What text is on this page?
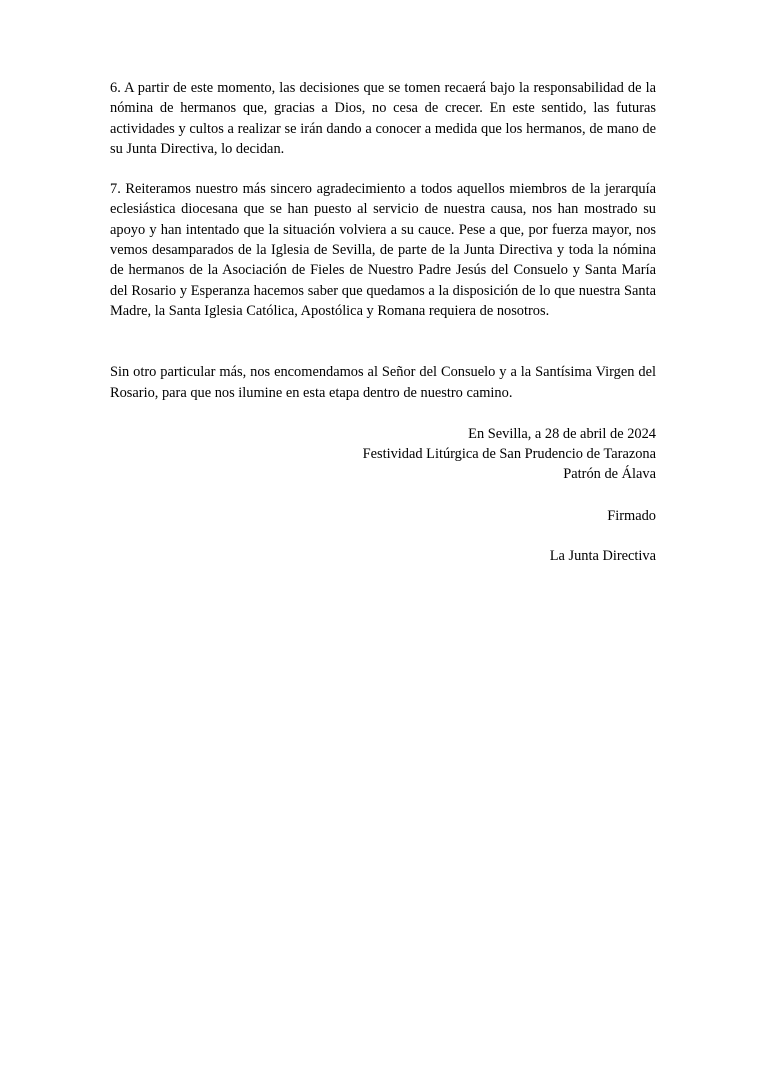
6. A partir de este momento, las decisiones que se tomen recaerá bajo la responsabilidad de la nómina de hermanos que, gracias a Dios, no cesa de crecer. En este sentido, las futuras actividades y cultos a realizar se irán dando a conocer a medida que los hermanos, de mano de su Junta Directiva, lo decidan.

7. Reiteramos nuestro más sincero agradecimiento a todos aquellos miembros de la jerarquía eclesiástica diocesana que se han puesto al servicio de nuestra causa, nos han mostrado su apoyo y han intentado que la situación volviera a su cauce. Pese a que, por fuerza mayor, nos vemos desamparados de la Iglesia de Sevilla, de parte de la Junta Directiva y toda la nómina de hermanos de la Asociación de Fieles de Nuestro Padre Jesús del Consuelo y Santa María del Rosario y Esperanza hacemos saber que quedamos a la disposición de lo que nuestra Santa Madre, la Santa Iglesia Católica, Apostólica y Romana requiera de nosotros.

Sin otro particular más, nos encomendamos al Señor del Consuelo y a la Santísima Virgen del Rosario, para que nos ilumine en esta etapa dentro de nuestro camino.

En Sevilla, a 28 de abril de 2024
Festividad Litúrgica de San Prudencio de Tarazona
Patrón de Álava

Firmado

La Junta Directiva
